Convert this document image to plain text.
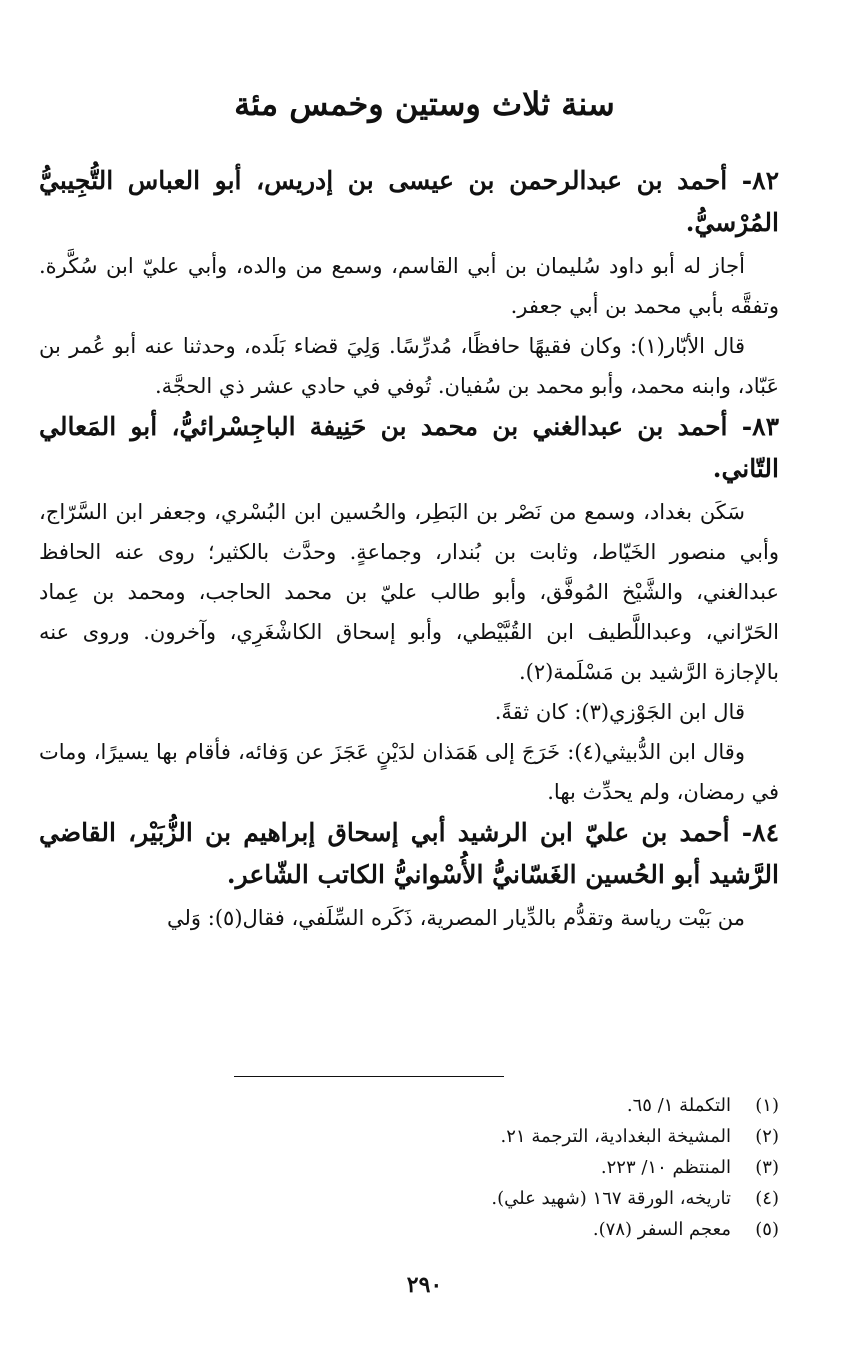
سنة ثلاث وستين وخمس مئة

٨٢- أحمد بن عبدالرحمن بن عيسى بن إدريس، أبو العباس التُّجِيبيُّ المُرْسيُّ.

أجاز له أبو داود سُليمان بن أبي القاسم، وسمع من والده، وأبي عليّ ابن سُكَّرة. وتفقَّه بأبي محمد بن أبي جعفر.

قال الأبّار(١): وكان فقيهًا حافظًا، مُدرِّسًا. وَلِيَ قضاء بَلَده، وحدثنا عنه أبو عُمر بن عَبّاد، وابنه محمد، وأبو محمد بن سُفيان. تُوفي في حادي عشر ذي الحجَّة.

٨٣- أحمد بن عبدالغني بن محمد بن حَنِيفة الباجِسْرائيُّ، أبو المَعالي التّاني.

سَكَن بغداد، وسمع من نَصْر بن البَطِر، والحُسين ابن البُسْري، وجعفر ابن السَّرّاج، وأبي منصور الخَيّاط، وثابت بن بُندار، وجماعةٍ. وحدَّث بالكثير؛ روى عنه الحافظ عبدالغني، والشَّيْخ المُوفَّق، وأبو طالب عليّ بن محمد الحاجب، ومحمد بن عِماد الحَرّاني، وعبداللَّطيف ابن القُبَّيْطي، وأبو إسحاق الكاشْغَرِي، وآخرون. وروى عنه بالإجازة الرَّشيد بن مَسْلَمة(٢).

قال ابن الجَوْزي(٣): كان ثقةً.

وقال ابن الدُّبيثي(٤): خَرَجَ إلى هَمَذان لدَيْنٍ عَجَزَ عن وَفائه، فأقام بها يسيرًا، ومات في رمضان، ولم يحدِّث بها.

٨٤- أحمد بن عليّ ابن الرشيد أبي إسحاق إبراهيم بن الزُّبَيْر، القاضي الرَّشيد أبو الحُسين الغَسّانيُّ الأُسْوانيُّ الكاتب الشّاعر.

من بَيْت رياسة وتقدُّم بالدِّيار المصرية، ذَكَره السِّلَفي، فقال(٥): وَلي

(١)
التكملة ١/ ٦٥.
(٢)
المشيخة البغدادية، الترجمة ٢١.
(٣)
المنتظم ١٠/ ٢٢٣.
(٤)
تاريخه، الورقة ١٦٧ (شهيد علي).
(٥)
معجم السفر (٧٨).
٢٩٠
